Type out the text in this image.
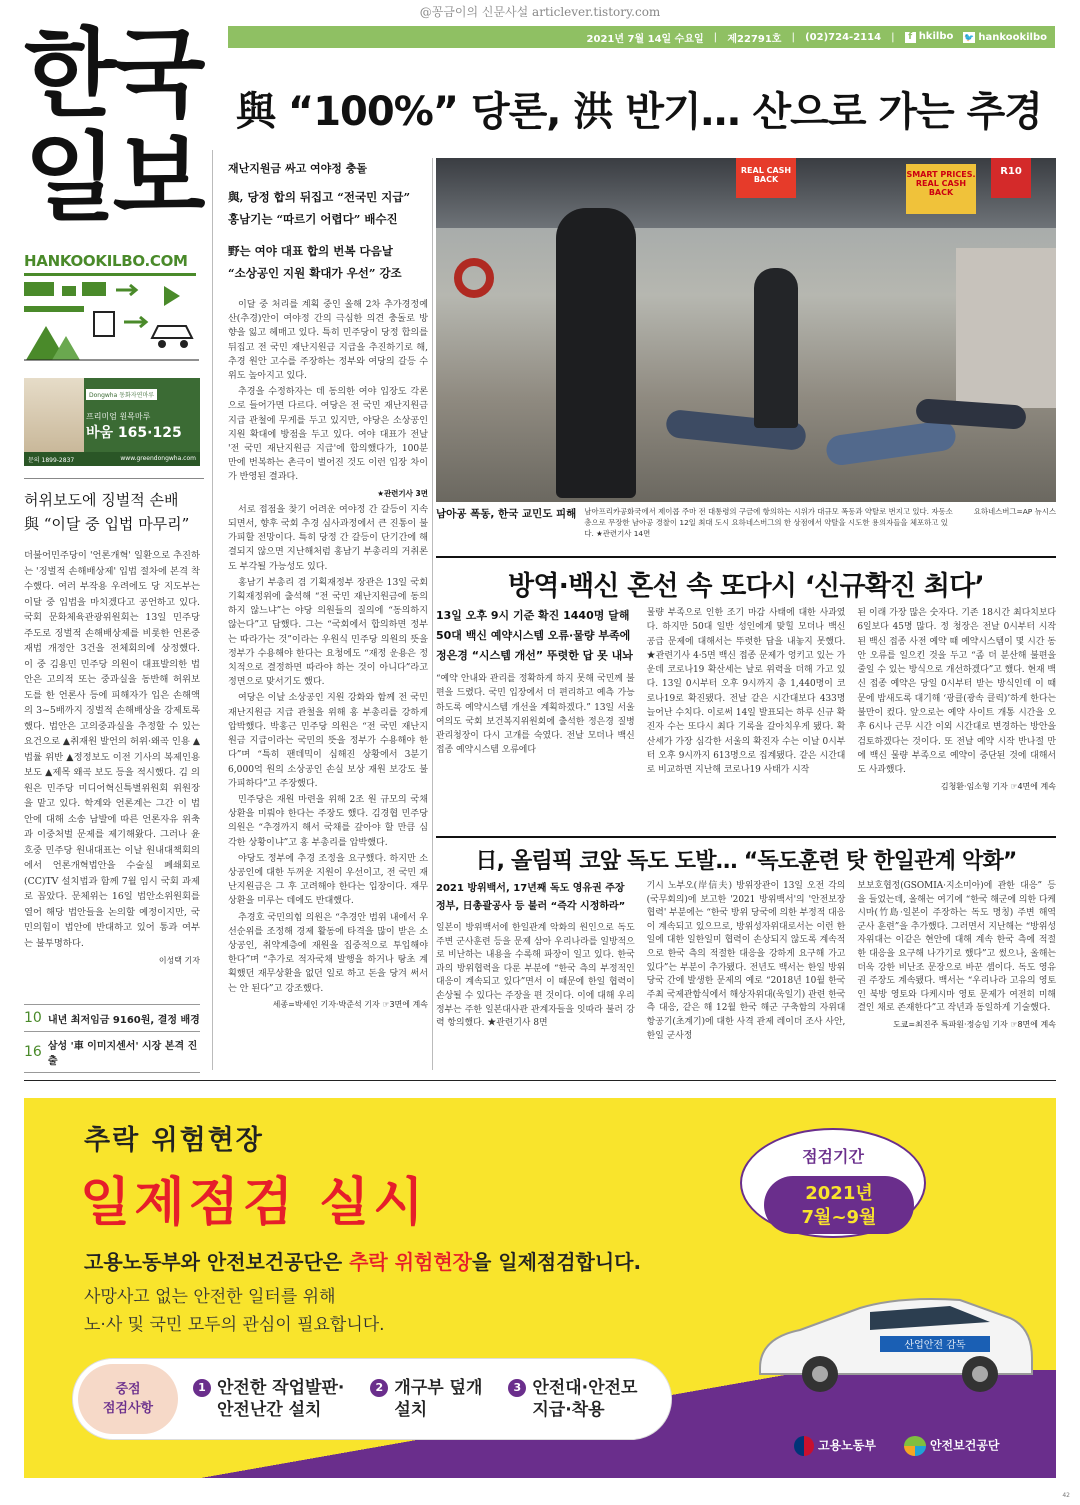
@꽁금이의 신문사설 articlever.tistory.com
2021년 7월 14일 수요일 | 제22791호 | (02)724-2114 |	f hkilbo 🐦 hankookilbo
한국
일보
HANKOOKILBO.COM
Dongwha 동화자연마루
프리미엄 원목마루
바움 165·125
문의 1899-2837	www.greendongwha.com
허위보도에 징벌적 손배
與 “이달 중 입법 마무리”
더불어민주당이 '언론개혁' 일환으로 추진하는 '징벌적 손해배상제' 입법 절차에 본격 착수했다. 여러 부작용 우려에도 당 지도부는 이달 중 입법을 마치겠다고 공언하고 있다. 국회 문화체육관광위원회는 13일 민주당 주도로 징벌적 손해배상제를 비롯한 언론중재법 개정안 3건을 전체회의에 상정했다. 이 중 김용민 민주당 의원이 대표발의한 법안은 고의적 또는 중과실을 동반해 허위보도를 한 언론사 등에 피해자가 입은 손해액의 3~5배까지 징벌적 손해배상을 강제토록 했다. 법안은 고의중과실을 추정할 수 있는 요건으로 ▲취재원 발언의 허위·왜곡 인용 ▲법률 위반 ▲정정보도 이전 기사의 복제인용 보도 ▲제목 왜곡 보도 등을 적시했다. 김 의원은 민주당 미디어혁신특별위원회 위원장을 맡고 있다. 학계와 언론계는 그간 이 법안에 대해 소송 남발에 따른 언론자유 위축과 이중처벌 문제를 제기해왔다. 그러나 윤호중 민주당 원내대표는 이날 원내대책회의에서 언론개혁법안을 수술실 폐쇄회로(CC)TV 설치법과 함께 7월 임시 국회 과제로 꼽았다. 문체위는 16일 법안소위원회를 열어 해당 법안들을 논의할 예정이지만, 국민의힘이 법안에 반대하고 있어 통과 여부는 불투명하다.
이성택 기자
10 내년 최저임금 9160원, 결정 배경
16 삼성 '車 이미지센서' 시장 본격 진출
與 “100%” 당론, 洪 반기… 산으로 가는 추경
재난지원금 싸고 여야정 충돌
與, 당정 합의 뒤집고 “전국민 지급”
홍남기는 “따르기 어렵다” 배수진
野는 여야 대표 합의 번복 다음날
“소상공인 지원 확대가 우선” 강조

이달 중 처리를 계획 중인 올해 2차 추가경정예산(추경)안이 여야정 간의 극심한 의견 충돌로 방향을 잃고 헤매고 있다. 특히 민주당이 당정 합의를 뒤집고 전 국민 재난지원금 지급을 추진하기로 해, 추경 원안 고수를 주장하는 정부와 여당의 갈등 수위도 높아지고 있다.

추경을 수정하자는 데 동의한 여야 입장도 각론으로 들어가면 다르다. 여당은 전 국민 재난지원금 지급 관철에 무게를 두고 있지만, 야당은 소상공인 지원 확대에 방점을 두고 있다. 여야 대표가 전날 '전 국민 재난지원금 지급'에 합의했다가, 100분 만에 번복하는 촌극이 벌어진 것도 이런 입장 차이가 반영된 결과다.

★관련기사 3면

서로 접점을 찾기 어려운 여야정 간 갈등이 지속되면서, 향후 국회 추경 심사과정에서 큰 진통이 불가피할 전망이다. 특히 당정 간 갈등이 단기간에 해결되지 않으면 지난해처럼 홍남기 부총리의 거취론도 부각될 가능성도 있다.

홍남기 부총리 겸 기획재정부 장관은 13일 국회 기획재정위에 출석해 “전 국민 재난지원금에 동의하지 않느냐”는 야당 의원들의 질의에 “동의하지 않는다”고 답했다. 그는 “국회에서 합의하면 정부는 따라가는 것”이라는 우원식 민주당 의원의 뜻을 정부가 수용해야 한다는 요청에도 “재정 운용은 정치적으로 결정하면 따라야 하는 것이 아니다”라고 정면으로 맞서기도 했다.

여당은 이날 소상공인 지원 강화와 함께 전 국민 재난지원금 지급 관철을 위해 홍 부총리를 강하게 압박했다. 박홍근 민주당 의원은 “전 국민 재난지원금 지급이라는 국민의 뜻을 정부가 수용해야 한다”며 “특히 팬데믹이 심해진 상황에서 3분기 6,000억 원의 소상공인 손실 보상 재원 보강도 불가피하다”고 주장했다.

민주당은 재원 마련을 위해 2조 원 규모의 국채 상환을 미뤄야 한다는 주장도 했다. 김경협 민주당 의원은 “추경까지 해서 국채를 갚아야 할 만큼 심각한 상황이냐”고 홍 부총리를 압박했다.

야당도 정부에 추경 조정을 요구했다. 하지만 소상공인에 대한 두꺼운 지원이 우선이고, 전 국민 재난지원금은 그 후 고려해야 한다는 입장이다. 재무 상환을 미루는 데에도 반대했다.

추경호 국민의힘 의원은 “추경안 범위 내에서 우선순위를 조정해 경제 활동에 타격을 많이 받은 소상공인, 취약계층에 재원을 집중적으로 투입해야 한다”며 “추가로 적자국채 발행을 하거나 탕초 계획했던 재무상환을 없던 일로 하고 돈을 당겨 써서는 안 된다”고 강조했다.

세종=박세인 기자·박준석 기자 ☞3면에 계속
REAL CASH BACK
SMART PRICES. REAL CASH BACK
R10
남아공 폭동, 한국 교민도 피해 남아프리카공화국에서 제이콥 주마 전 대통령의 구금에 항의하는 시위가 대규모 폭동과 약탈로 번지고 있다. 자동소총으로 무장한 남아공 경찰이 12일 최대 도시 요하네스버그의 한 상점에서 약탈을 시도한 용의자들을 체포하고 있다. ★관련기사 14면
요하네스버그=AP 뉴시스
방역·백신 혼선 속 또다시 ‘신규확진 최다’
13일 오후 9시 기준 확진 1440명 달해
50대 백신 예약시스템 오류·물량 부족에
정은경 “시스템 개선” 뚜렷한 답 못 내놔
“예약 안내와 관리를 정확하게 하지 못해 국민께 불편을 드렸다. 국민 입장에서 더 편리하고 예측 가능하도록 예약시스템 개선을 계획하겠다.” 13일 서울 여의도 국회 보건복지위원회에 출석한 정은경 질병관리청장이 다시 고개를 숙였다. 전날 모더나 백신 접종 예약시스템 오류에다
물량 부족으로 인한 조기 마감 사태에 대한 사과였다. 하지만 50대 일반 성인에게 맞힐 모더나 백신 공급 문제에 대해서는 뚜렷한 답을 내놓지 못했다. ★관련기사 4·5면 백신 접종 문제가 엉키고 있는 가운데 코로나19 확산세는 날로 위력을 더해 가고 있다. 13일 0시부터 오후 9시까지 총 1,440명이 코로나19로 확진됐다. 전날 같은 시간대보다 433명 늘어난 수치다. 이로써 14일 발표되는 하루 신규 확진자 수는 또다시 최다 기록을 갈아치우게 됐다. 확산세가 가장 심각한 서울의 확진자 수는 이날 0시부터 오후 9시까지 613명으로 집계됐다. 같은 시간대로 비교하면 지난해 코로나19 사태가 시작
된 이래 가장 많은 숫자다. 기존 18시간 최다치보다 6일보다 45명 많다. 정 청장은 전날 0시부터 시작된 백신 접종 사전 예약 때 예약시스템이 몇 시간 동안 오류를 일으킨 것을 두고 “좀 더 분산해 불편을 줄일 수 있는 방식으로 개선하겠다”고 했다. 현재 백신 접종 예약은 당일 0시부터 받는 방식인데 이 때문에 밤새도록 대기해 ‘광클(광속 클릭)’하게 한다는 불만이 컸다. 앞으로는 예약 사이트 개통 시간을 오후 6시나 근무 시간 이외 시간대로 변경하는 방안을 검토하겠다는 것이다. 또 전날 예약 시작 반나절 만에 백신 물량 부족으로 예약이 중단된 것에 대해서도 사과했다.
김청환·임소형 기자 ☞4면에 계속
日, 올림픽 코앞 독도 도발… “독도훈련 탓 한일관계 악화”
2021 방위백서, 17년째 독도 영유권 주장
정부, 日총괄공사 등 불러 “즉각 시정하라”
일본이 방위백서에 한일관계 악화의 원인으로 독도 주변 군사훈련 등을 문제 삼아 우리나라를 일방적으로 비난하는 내용을 수록해 파장이 일고 있다. 한국과의 방위협력을 다룬 부분에 “한국 측의 부정적인 대응이 계속되고 있다”면서 이 때문에 한일 협력이 손상될 수 있다는 주장을 편 것이다. 이에 대해 우리 정부는 주한 일본대사관 관계자들을 잇따라 불러 강력 항의했다. ★관련기사 8면
기시 노부오(岸信夫) 방위장관이 13일 오전 각의(국무회의)에 보고한 '2021 방위백서'의 '안전보장협력' 부분에는 “한국 방위 당국에 의한 부정적 대응이 계속되고 있으므로, 방위성자위대로서는 이런 한일에 대한 일한일미 협력이 손상되지 않도록 계속적으로 한국 측의 적절한 대응을 강하게 요구해 가고 있다”는 부분이 추가됐다. 전년도 백서는 한일 방위 당국 간에 발생한 문제의 예로 “2018년 10월 한국 주최 국제관함식에서 해상자위대(욱일기) 관련 한국 측 대응, 같은 해 12월 한국 해군 구축함의 자위대 항공기(초계기)에 대한 사격 관제 레이더 조사 사안, 한일 군사정
보보호협정(GSOMIA·지소미아)에 관한 대응” 등을 들었는데, 올해는 여기에 “한국 해군에 의한 다케시마(竹島·일본이 주장하는 독도 명칭) 주변 해역 군사 훈련”을 추가했다. 그러면서 지난해는 “방위성자위대는 이같은 현안에 대해 계속 한국 측에 적절한 대응을 요구해 나가기로 했다”고 썼으나, 올해는 더욱 강한 비난조 문장으로 바꾼 셈이다. 독도 영유권 주장도 계속됐다. 백서는 “우리나라 고유의 영토인 북방 영토와 다케시마 영토 문제가 여전히 미해결인 채로 존재한다”고 작년과 동일하게 기술했다.
도쿄=최진주 특파원·정승임 기자 ☞8면에 계속
추락 위험현장
일제점검 실시
고용노동부와 안전보건공단은 추락 위험현장을 일제점검합니다.
사망사고 없는 안전한 일터를 위해
노·사 및 국민 모두의 관심이 필요합니다.
점검기간
2021년
7월~9월
산업안전 감독
1 안전한 작업발판·
안전난간 설치
2 개구부 덮개
설치
3 안전대·안전모
지급·착용
중점
점검사항
고용노동부	안전보건공단
42
